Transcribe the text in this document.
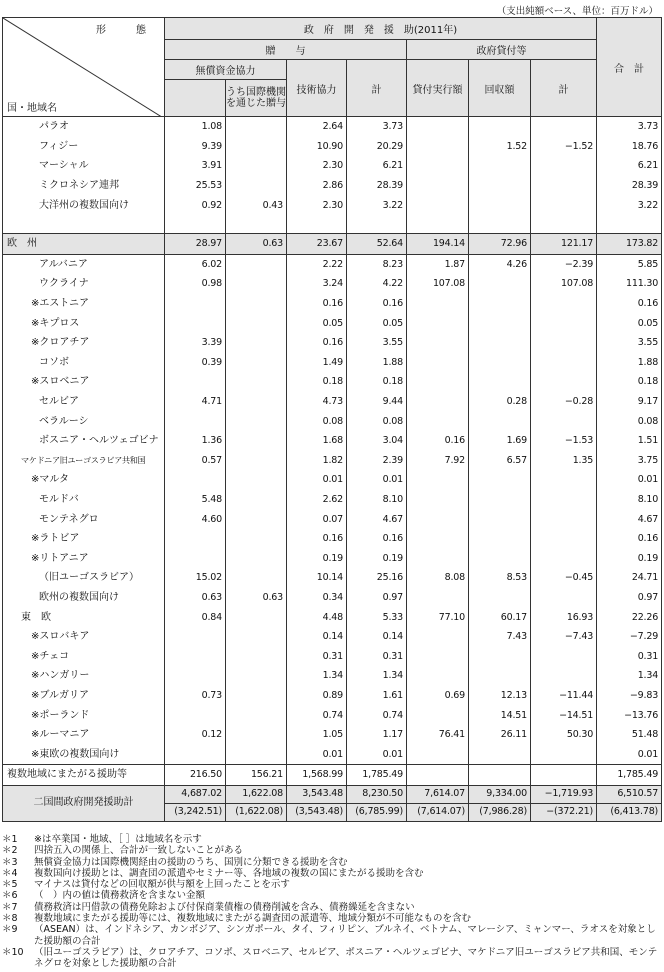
（支出純額ベース、単位：百万ドル）
形　態
国・地域名	政　府　開　発　援　助(2011年)							合　計
	贈　　与				政府貸付等			
	無償資金協力		技術協力	計	貸付実行額	回収額	計	
		うち国際機関を通じた贈与						
パラオ	1.08		2.64	3.73				3.73
フィジー	9.39		10.90	20.29		1.52	−1.52	18.76
マーシャル	3.91		2.30	6.21				6.21
ミクロネシア連邦	25.53		2.86	28.39				28.39
大洋州の複数国向け	0.92	0.43	2.30	3.22				3.22

欧　州	28.97	0.63	23.67	52.64	194.14	72.96	121.17	173.82
アルバニア	6.02		2.22	8.23	1.87	4.26	−2.39	5.85
ウクライナ	0.98		3.24	4.22	107.08		107.08	111.30
※エストニア			0.16	0.16				0.16
※キプロス			0.05	0.05				0.05
※クロアチア	3.39		0.16	3.55				3.55
コソボ	0.39		1.49	1.88				1.88
※スロベニア			0.18	0.18				0.18
セルビア	4.71		4.73	9.44		0.28	−0.28	9.17
ベラルーシ			0.08	0.08				0.08
ボスニア・ヘルツェゴビナ	1.36		1.68	3.04	0.16	1.69	−1.53	1.51
マケドニア旧ユーゴスラビア共和国	0.57		1.82	2.39	7.92	6.57	1.35	3.75
※マルタ			0.01	0.01				0.01
モルドバ	5.48		2.62	8.10				8.10
モンテネグロ	4.60		0.07	4.67				4.67
※ラトビア			0.16	0.16				0.16
※リトアニア			0.19	0.19				0.19
（旧ユーゴスラビア）	15.02		10.14	25.16	8.08	8.53	−0.45	24.71
欧州の複数国向け	0.63	0.63	0.34	0.97				0.97
東　欧	0.84		4.48	5.33	77.10	60.17	16.93	22.26
※スロバキア			0.14	0.14		7.43	−7.43	−7.29
※チェコ			0.31	0.31				0.31
※ハンガリー			1.34	1.34				1.34
※ブルガリア	0.73		0.89	1.61	0.69	12.13	−11.44	−9.83
※ポーランド			0.74	0.74		14.51	−14.51	−13.76
※ルーマニア	0.12		1.05	1.17	76.41	26.11	50.30	51.48
※東欧の複数国向け			0.01	0.01				0.01
複数地域にまたがる援助等	216.50	156.21	1,568.99	1,785.49				1,785.49
二国間政府開発援助計	4,687.02	1,622.08	3,543.48	8,230.50	7,614.07	9,334.00	−1,719.93	6,510.57
	(3,242.51)	(1,622.08)	(3,543.48)	(6,785.99)	(7,614.07)	(7,986.28)	−(372.21)	(6,413.78)
＊1	※は卒業国・地域、［ ］は地域名を示す
＊2	四捨五入の関係上、合計が一致しないことがある
＊3	無償資金協力は国際機関経由の援助のうち、国別に分類できる援助を含む
＊4	複数国向け援助とは、調査団の派遣やセミナー等、各地域の複数の国にまたがる援助を含む
＊5	マイナスは貸付などの回収額が供与額を上回ったことを示す
＊6	（　）内の値は債務救済を含まない金額
＊7	債務救済は円借款の債務免除および付保商業債権の債務削減を含み、債務繰延を含まない
＊8	複数地域にまたがる援助等には、複数地域にまたがる調査団の派遣等、地域分類が不可能なものを含む
＊9	（ASEAN）は、インドネシア、カンボジア、シンガポール、タイ、フィリピン、ブルネイ、ベトナム、マレーシア、ミャンマー、ラオスを対象とした援助額の合計
＊10	（旧ユーゴスラビア）は、クロアチア、コソボ、スロベニア、セルビア、ボスニア・ヘルツェゴビナ、マケドニア旧ユーゴスラビア共和国、モンテネグロを対象とした援助額の合計
